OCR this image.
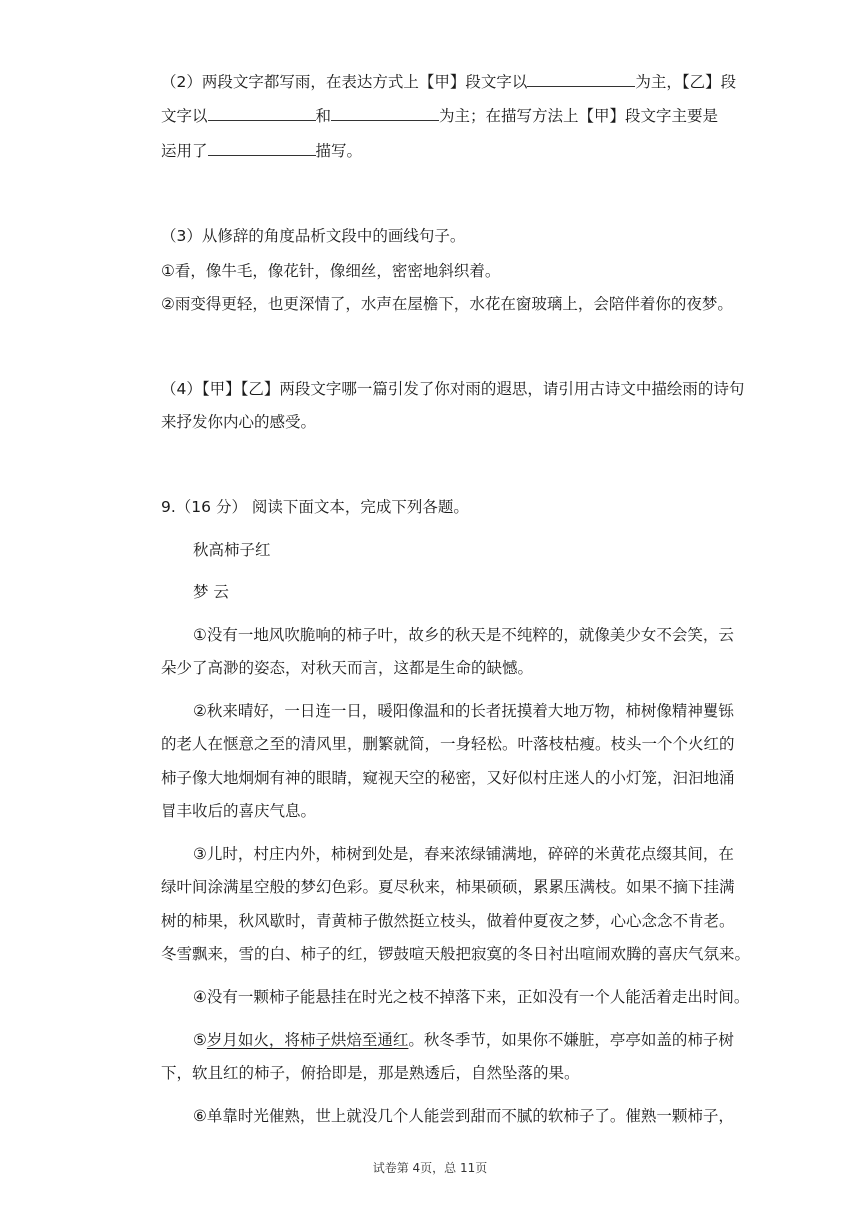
（2）两段文字都写雨，在表达方式上【甲】段文字以	为主，【乙】段
文字以	和	为主；在描写方法上【甲】段文字主要是
运用了	描写。
（3）从修辞的角度品析文段中的画线句子。
①看，像牛毛，像花针，像细丝，密密地斜织着。
②雨变得更轻，也更深情了，水声在屋檐下，水花在窗玻璃上，会陪伴着你的夜梦。
（4）【甲】【乙】两段文字哪一篇引发了你对雨的遐思，请引用古诗文中描绘雨的诗句
来抒发你内心的感受。
9.（16 分） 阅读下面文本，完成下列各题。
秋高柿子红
梦 云
①没有一地风吹脆响的柿子叶，故乡的秋天是不纯粹的，就像美少女不会笑，云
朵少了高渺的姿态，对秋天而言，这都是生命的缺憾。
②秋来晴好，一日连一日，暖阳像温和的长者抚摸着大地万物，柿树像精神矍铄
的老人在惬意之至的清风里，删繁就简，一身轻松。叶落枝枯瘦。枝头一个个火红的
柿子像大地炯炯有神的眼睛，窥视天空的秘密，又好似村庄迷人的小灯笼，汩汩地涌
冒丰收后的喜庆气息。
③儿时，村庄内外，柿树到处是，春来浓绿铺满地，碎碎的米黄花点缀其间，在
绿叶间涂满星空般的梦幻色彩。夏尽秋来，柿果硕硕，累累压满枝。如果不摘下挂满
树的柿果，秋风歇时，青黄柿子傲然挺立枝头，做着仲夏夜之梦，心心念念不肯老。
冬雪飘来，雪的白、柿子的红，锣鼓喧天般把寂寞的冬日衬出喧闹欢腾的喜庆气氛来。
④没有一颗柿子能悬挂在时光之枝不掉落下来，正如没有一个人能活着走出时间。
⑤岁月如火，将柿子烘焙至通红。秋冬季节，如果你不嫌脏，亭亭如盖的柿子树
下，软且红的柿子，俯拾即是，那是熟透后，自然坠落的果。
⑥单靠时光催熟，世上就没几个人能尝到甜而不腻的软柿子了。催熟一颗柿子，
试卷第 4页，总 11页
